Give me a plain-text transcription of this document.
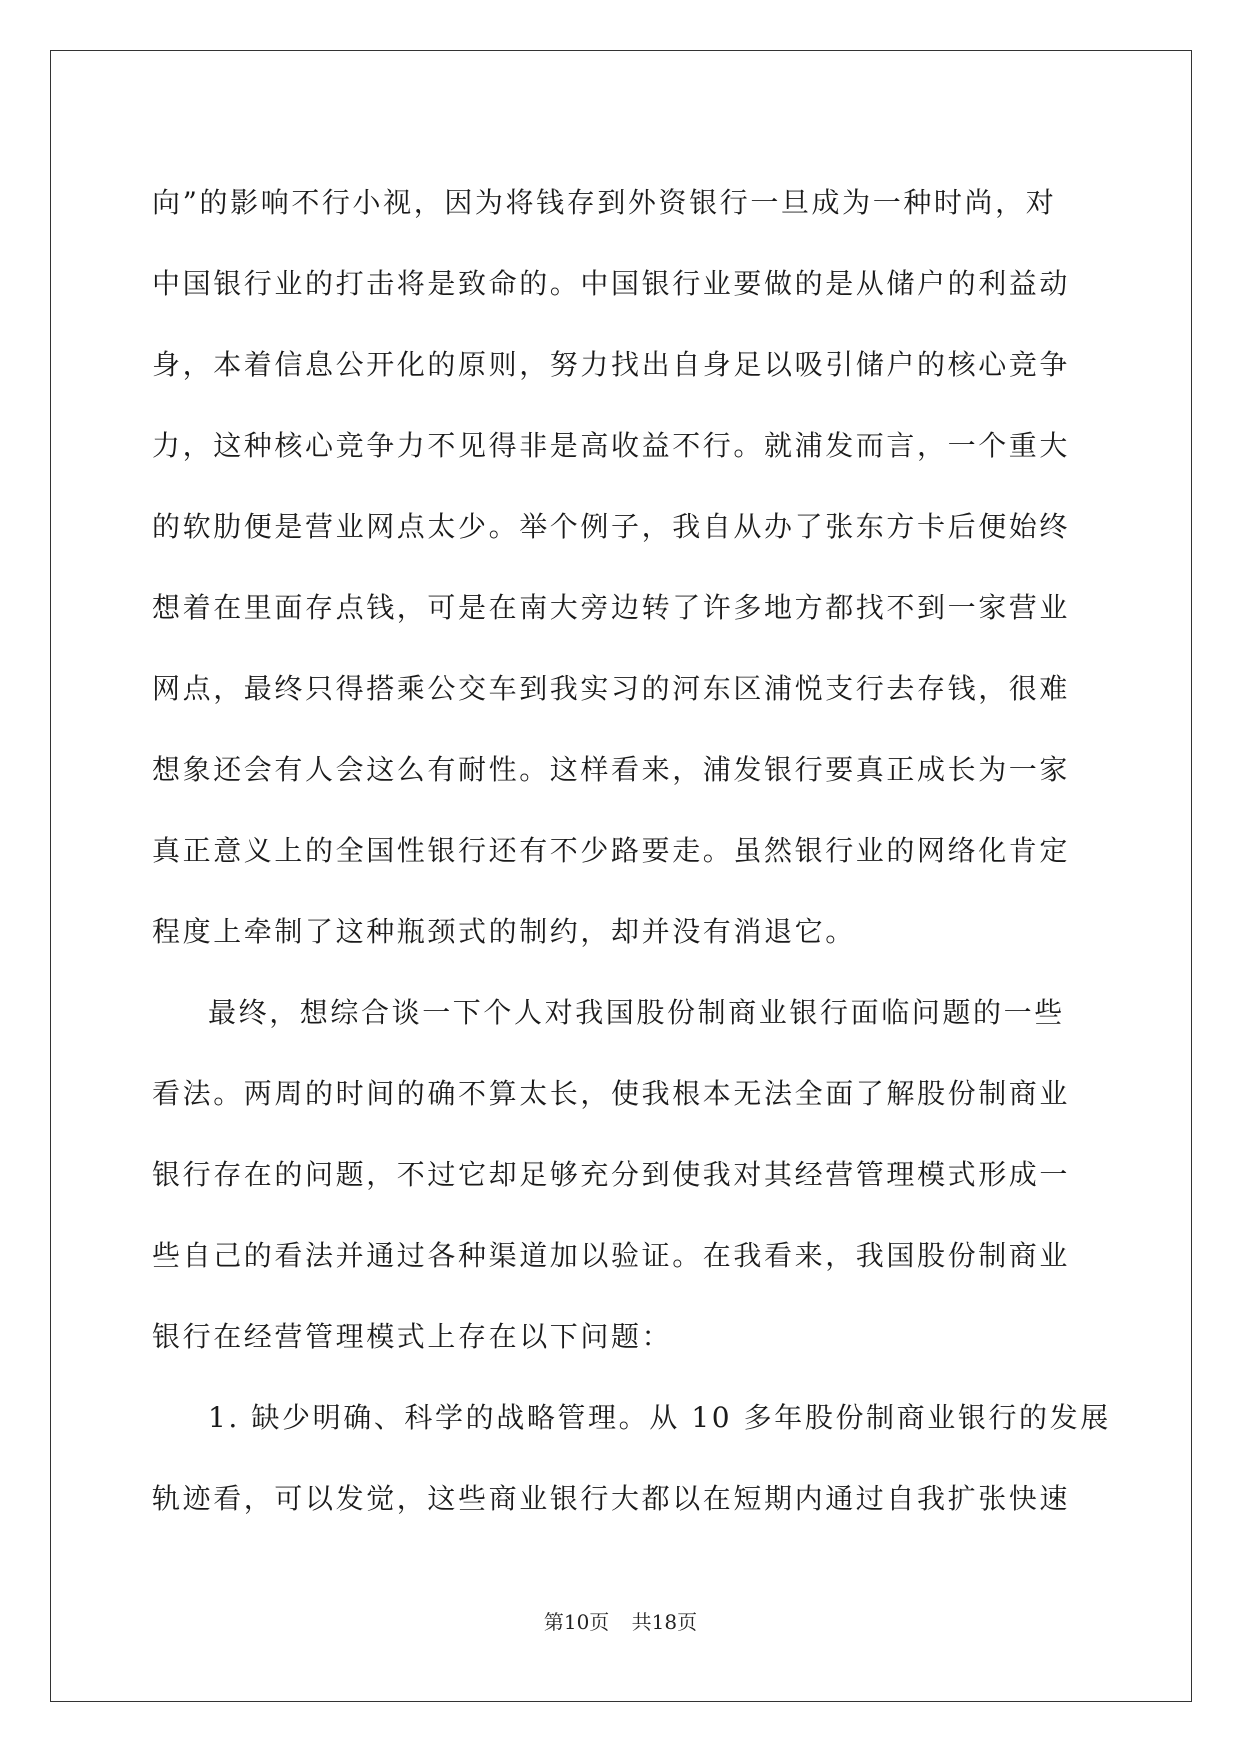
向”的影响不行小视，因为将钱存到外资银行一旦成为一种时尚，对
中国银行业的打击将是致命的。中国银行业要做的是从储户的利益动
身，本着信息公开化的原则，努力找出自身足以吸引储户的核心竞争
力，这种核心竞争力不见得非是高收益不行。就浦发而言，一个重大
的软肋便是营业网点太少。举个例子，我自从办了张东方卡后便始终
想着在里面存点钱，可是在南大旁边转了许多地方都找不到一家营业
网点，最终只得搭乘公交车到我实习的河东区浦悦支行去存钱，很难
想象还会有人会这么有耐性。这样看来，浦发银行要真正成长为一家
真正意义上的全国性银行还有不少路要走。虽然银行业的网络化肯定
程度上牵制了这种瓶颈式的制约，却并没有消退它。
最终，想综合谈一下个人对我国股份制商业银行面临问题的一些
看法。两周的时间的确不算太长，使我根本无法全面了解股份制商业
银行存在的问题，不过它却足够充分到使我对其经营管理模式形成一
些自己的看法并通过各种渠道加以验证。在我看来，我国股份制商业
银行在经营管理模式上存在以下问题：
1. 缺少明确、科学的战略管理。从 10 多年股份制商业银行的发展
轨迹看，可以发觉，这些商业银行大都以在短期内通过自我扩张快速
第10页 共18页
